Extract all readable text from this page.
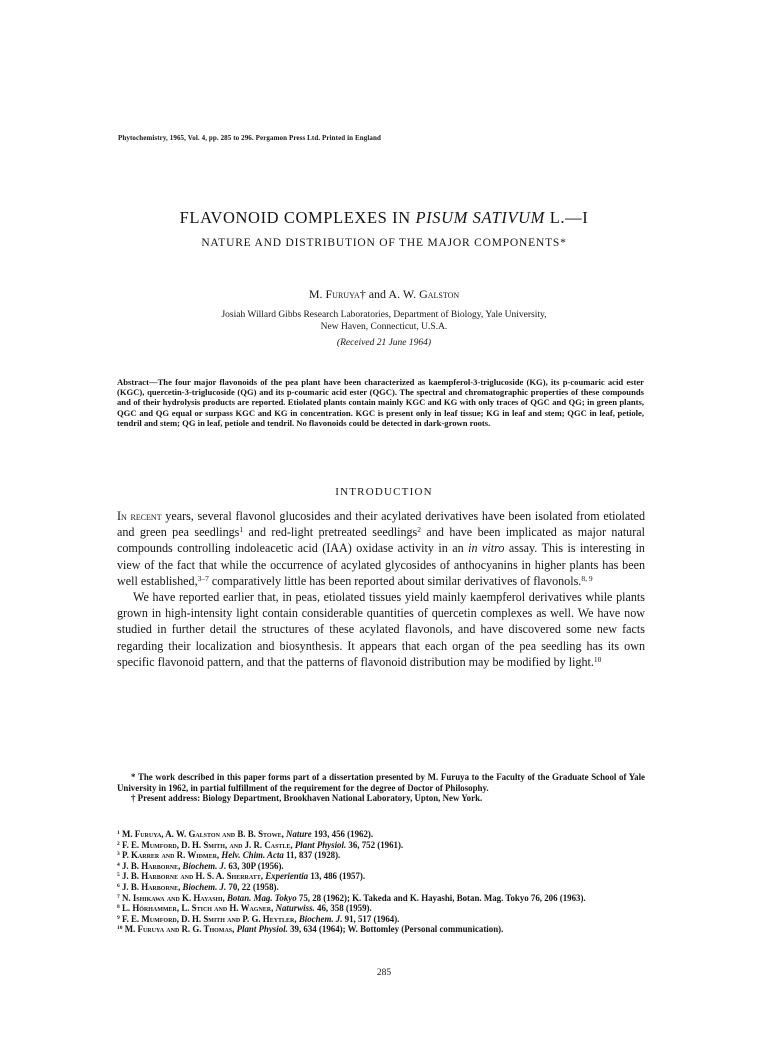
Phytochemistry, 1965, Vol. 4, pp. 285 to 296. Pergamon Press Ltd. Printed in England
FLAVONOID COMPLEXES IN PISUM SATIVUM L.—I
NATURE AND DISTRIBUTION OF THE MAJOR COMPONENTS*
M. Furuya† and A. W. Galston
Josiah Willard Gibbs Research Laboratories, Department of Biology, Yale University,
New Haven, Connecticut, U.S.A.
(Received 21 June 1964)
Abstract—The four major flavonoids of the pea plant have been characterized as kaempferol-3-triglucoside (KG), its p-coumaric acid ester (KGC), quercetin-3-triglucoside (QG) and its p-coumaric acid ester (QGC). The spectral and chromatographic properties of these compounds and of their hydrolysis products are reported. Etiolated plants contain mainly KGC and KG with only traces of QGC and QG; in green plants, QGC and QG equal or surpass KGC and KG in concentration. KGC is present only in leaf tissue; KG in leaf and stem; QGC in leaf, petiole, tendril and stem; QG in leaf, petiole and tendril. No flavonoids could be detected in dark-grown roots.
INTRODUCTION

In recent years, several flavonol glucosides and their acylated derivatives have been isolated from etiolated and green pea seedlings$^1$ and red-light pretreated seedlings$^2$ and have been implicated as major natural compounds controlling indoleacetic acid (IAA) oxidase activity in an in vitro assay. This is interesting in view of the fact that while the occurrence of acylated glycosides of anthocyanins in higher plants has been well established,$^{3-7}$ comparatively little has been reported about similar derivatives of flavonols.$^{8, 9}$

We have reported earlier that, in peas, etiolated tissues yield mainly kaempferol derivatives while plants grown in high-intensity light contain considerable quantities of quercetin complexes as well. We have now studied in further detail the structures of these acylated flavonols, and have discovered some new facts regarding their localization and biosynthesis. It appears that each organ of the pea seedling has its own specific flavonoid pattern, and that the patterns of flavonoid distribution may be modified by light.$^{10}$

* The work described in this paper forms part of a dissertation presented by M. Furuya to the Faculty of the Graduate School of Yale University in 1962, in partial fulfillment of the requirement for the degree of Doctor of Philosophy.

† Present address: Biology Department, Brookhaven National Laboratory, Upton, New York.

$^1$ M. Furuya, A. W. Galston and B. B. Stowe, Nature 193, 456 (1962).

$^2$ F. E. Mumford, D. H. Smith, and J. R. Castle, Plant Physiol. 36, 752 (1961).

$^3$ P. Karrer and R. Widmer, Helv. Chim. Acta 11, 837 (1928).

$^4$ J. B. Harborne, Biochem. J. 63, 30P (1956).

$^5$ J. B. Harborne and H. S. A. Sherratt, Experientia 13, 486 (1957).

$^6$ J. B. Harborne, Biochem. J. 70, 22 (1958).

$^7$ N. Ishikawa and K. Hayashi, Botan. Mag. Tokyo 75, 28 (1962); K. Takeda and K. Hayashi, Botan. Mag. Tokyo 76, 206 (1963).

$^8$ L. Hörhammer, L. Stich and H. Wagner, Naturwiss. 46, 358 (1959).

$^9$ F. E. Mumford, D. H. Smith and P. G. Heytler, Biochem. J. 91, 517 (1964).

$^{10}$ M. Furuya and R. G. Thomas, Plant Physiol. 39, 634 (1964); W. Bottomley (Personal communication).

285
